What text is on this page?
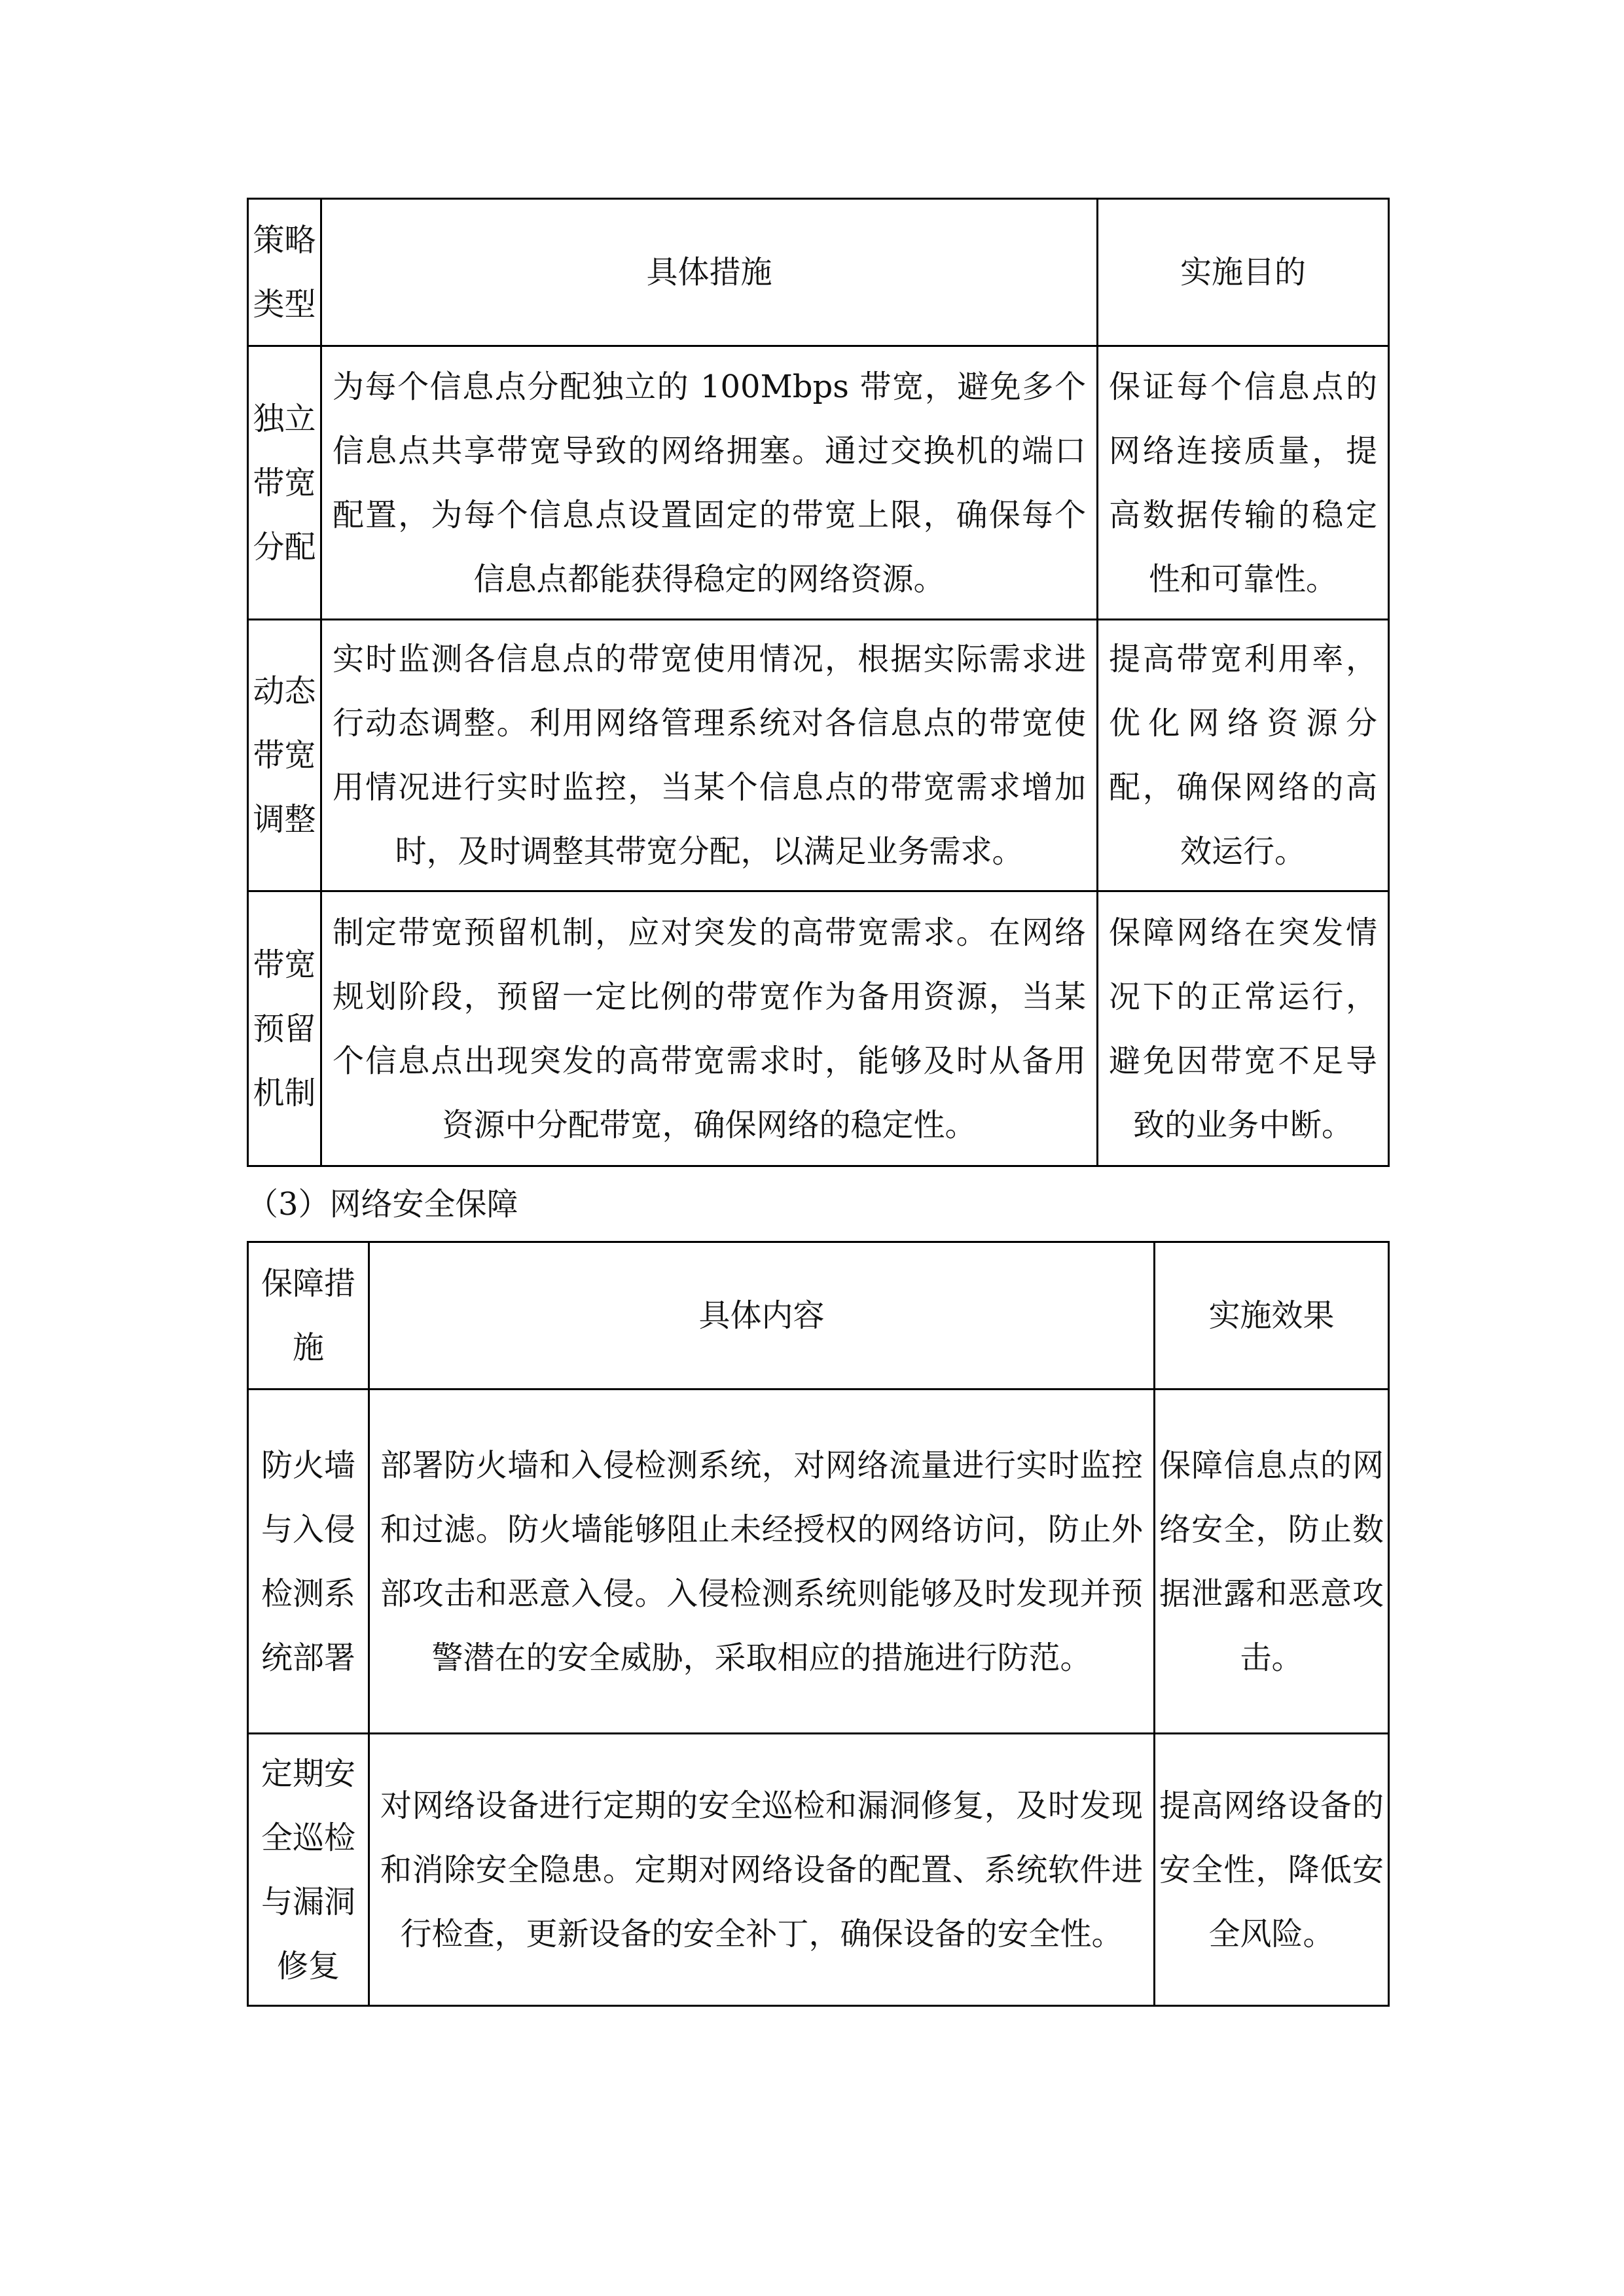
策略类型	具体措施	实施目的
独立带宽分配	为每个信息点分配独立的 100Mbps 带宽，避免多个信息点共享带宽导致的网络拥塞。通过交换机的端口配置，为每个信息点设置固定的带宽上限，确保每个信息点都能获得稳定的网络资源。	保证每个信息点的网络连接质量，提高数据传输的稳定性和可靠性。
动态带宽调整	实时监测各信息点的带宽使用情况，根据实际需求进行动态调整。利用网络管理系统对各信息点的带宽使用情况进行实时监控，当某个信息点的带宽需求增加时，及时调整其带宽分配，以满足业务需求。	提高带宽利用率，优化网络资源分配，确保网络的高效运行。
带宽预留机制	制定带宽预留机制，应对突发的高带宽需求。在网络规划阶段，预留一定比例的带宽作为备用资源，当某个信息点出现突发的高带宽需求时，能够及时从备用资源中分配带宽，确保网络的稳定性。	保障网络在突发情况下的正常运行，避免因带宽不足导致的业务中断。

（3）网络安全保障

保障措施	具体内容	实施效果
防火墙与入侵检测系统部署	部署防火墙和入侵检测系统，对网络流量进行实时监控和过滤。防火墙能够阻止未经授权的网络访问，防止外部攻击和恶意入侵。入侵检测系统则能够及时发现并预警潜在的安全威胁，采取相应的措施进行防范。	保障信息点的网络安全，防止数据泄露和恶意攻击。
定期安全巡检与漏洞修复	对网络设备进行定期的安全巡检和漏洞修复，及时发现和消除安全隐患。定期对网络设备的配置、系统软件进行检查，更新设备的安全补丁，确保设备的安全性。	提高网络设备的安全性，降低安全风险。
